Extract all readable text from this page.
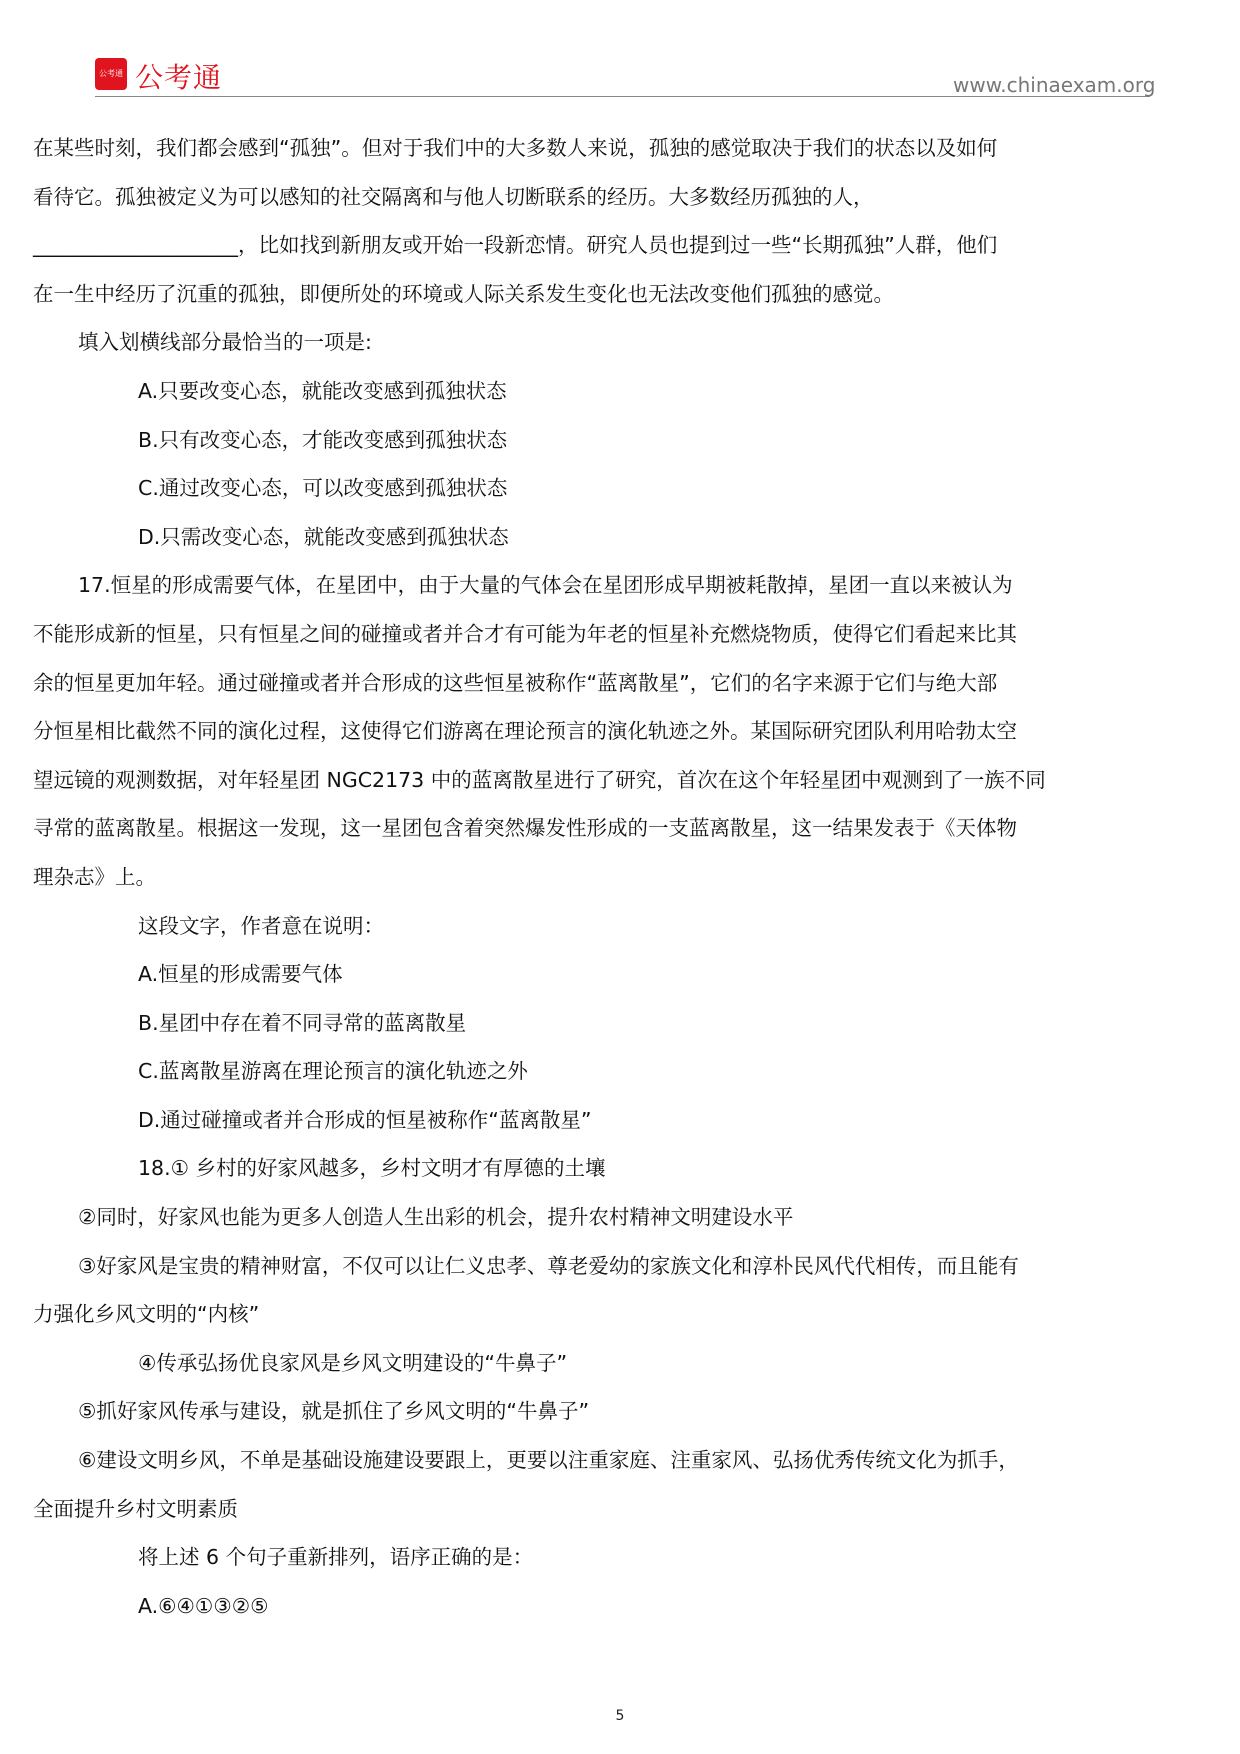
公考通 公考通	www.chinaexam.org
在某些时刻，我们都会感到“孤独”。但对于我们中的大多数人来说，孤独的感觉取决于我们的状态以及如何
看待它。孤独被定义为可以感知的社交隔离和与他人切断联系的经历。大多数经历孤独的人，
____________________，比如找到新朋友或开始一段新恋情。研究人员也提到过一些“长期孤独”人群，他们
在一生中经历了沉重的孤独，即便所处的环境或人际关系发生变化也无法改变他们孤独的感觉。
填入划横线部分最恰当的一项是:
A.只要改变心态，就能改变感到孤独状态
B.只有改变心态，才能改变感到孤独状态
C.通过改变心态，可以改变感到孤独状态
D.只需改变心态，就能改变感到孤独状态
17.恒星的形成需要气体，在星团中，由于大量的气体会在星团形成早期被耗散掉，星团一直以来被认为
不能形成新的恒星，只有恒星之间的碰撞或者并合才有可能为年老的恒星补充燃烧物质，使得它们看起来比其
余的恒星更加年轻。通过碰撞或者并合形成的这些恒星被称作“蓝离散星”，它们的名字来源于它们与绝大部
分恒星相比截然不同的演化过程，这使得它们游离在理论预言的演化轨迹之外。某国际研究团队利用哈勃太空
望远镜的观测数据，对年轻星团 NGC2173 中的蓝离散星进行了研究，首次在这个年轻星团中观测到了一族不同
寻常的蓝离散星。根据这一发现，这一星团包含着突然爆发性形成的一支蓝离散星，这一结果发表于《天体物
理杂志》上。
这段文字，作者意在说明：
A.恒星的形成需要气体
B.星团中存在着不同寻常的蓝离散星
C.蓝离散星游离在理论预言的演化轨迹之外
D.通过碰撞或者并合形成的恒星被称作“蓝离散星”
18.① 乡村的好家风越多，乡村文明才有厚德的土壤
②同时，好家风也能为更多人创造人生出彩的机会，提升农村精神文明建设水平
③好家风是宝贵的精神财富，不仅可以让仁义忠孝、尊老爱幼的家族文化和淳朴民风代代相传，而且能有
力强化乡风文明的“内核”
④传承弘扬优良家风是乡风文明建设的“牛鼻子”
⑤抓好家风传承与建设，就是抓住了乡风文明的“牛鼻子”
⑥建设文明乡风，不单是基础设施建设要跟上，更要以注重家庭、注重家风、弘扬优秀传统文化为抓手，
全面提升乡村文明素质
将上述 6 个句子重新排列，语序正确的是：
A.⑥④①③②⑤
5
